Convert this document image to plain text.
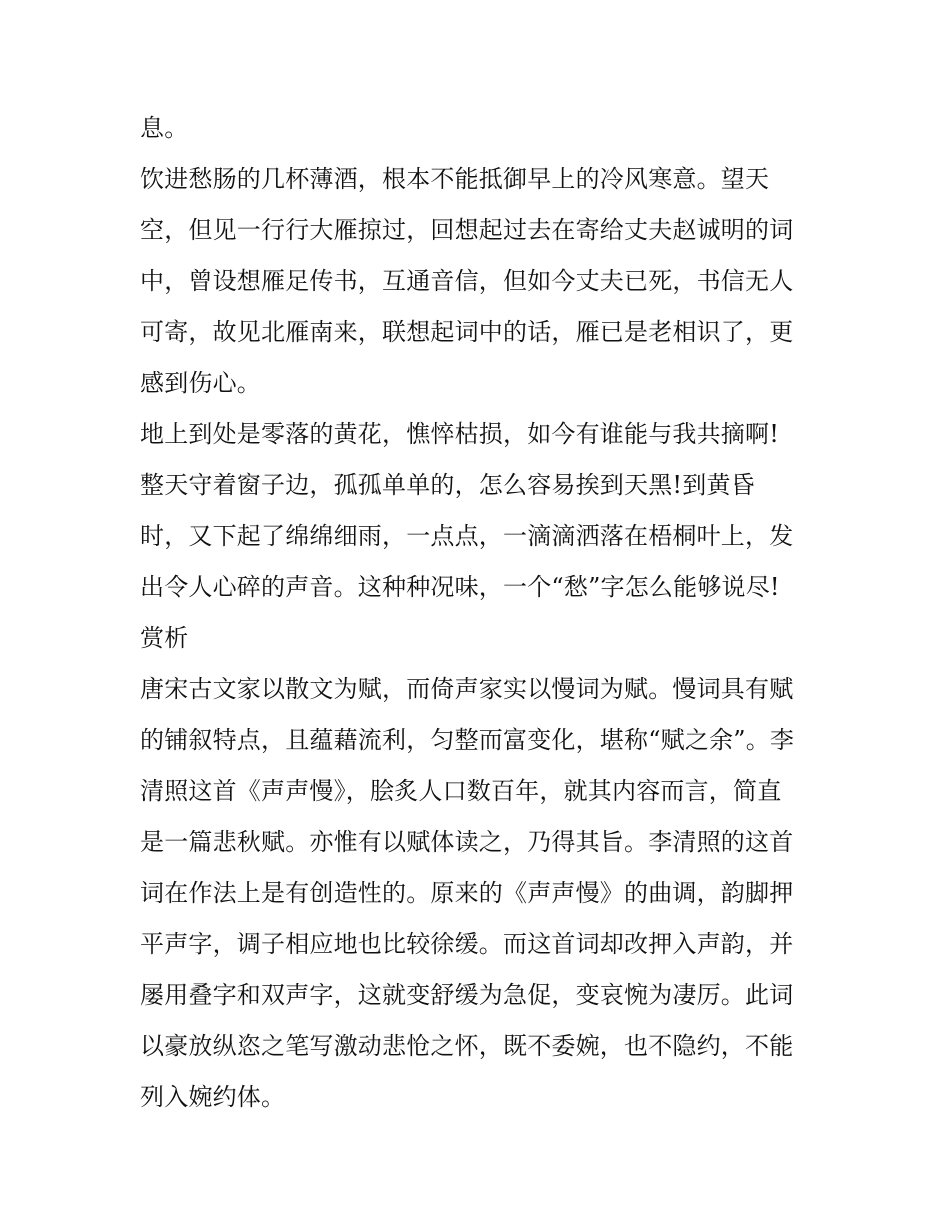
息。
饮进愁肠的几杯薄酒，根本不能抵御早上的冷风寒意。望天
空，但见一行行大雁掠过，回想起过去在寄给丈夫赵诚明的词
中，曾设想雁足传书，互通音信，但如今丈夫已死，书信无人
可寄，故见北雁南来，联想起词中的话，雁已是老相识了，更
感到伤心。
地上到处是零落的黄花，憔悴枯损，如今有谁能与我共摘啊!
整天守着窗子边，孤孤单单的，怎么容易挨到天黑!到黄昏
时，又下起了绵绵细雨，一点点，一滴滴洒落在梧桐叶上，发
出令人心碎的声音。这种种况味，一个“愁”字怎么能够说尽!
赏析
唐宋古文家以散文为赋，而倚声家实以慢词为赋。慢词具有赋
的铺叙特点，且蕴藉流利，匀整而富变化，堪称“赋之余”。李
清照这首《声声慢》，脍炙人口数百年，就其内容而言，简直
是一篇悲秋赋。亦惟有以赋体读之，乃得其旨。李清照的这首
词在作法上是有创造性的。原来的《声声慢》的曲调，韵脚押
平声字，调子相应地也比较徐缓。而这首词却改押入声韵，并
屡用叠字和双声字，这就变舒缓为急促，变哀惋为凄厉。此词
以豪放纵恣之笔写激动悲怆之怀，既不委婉，也不隐约，不能
列入婉约体。
